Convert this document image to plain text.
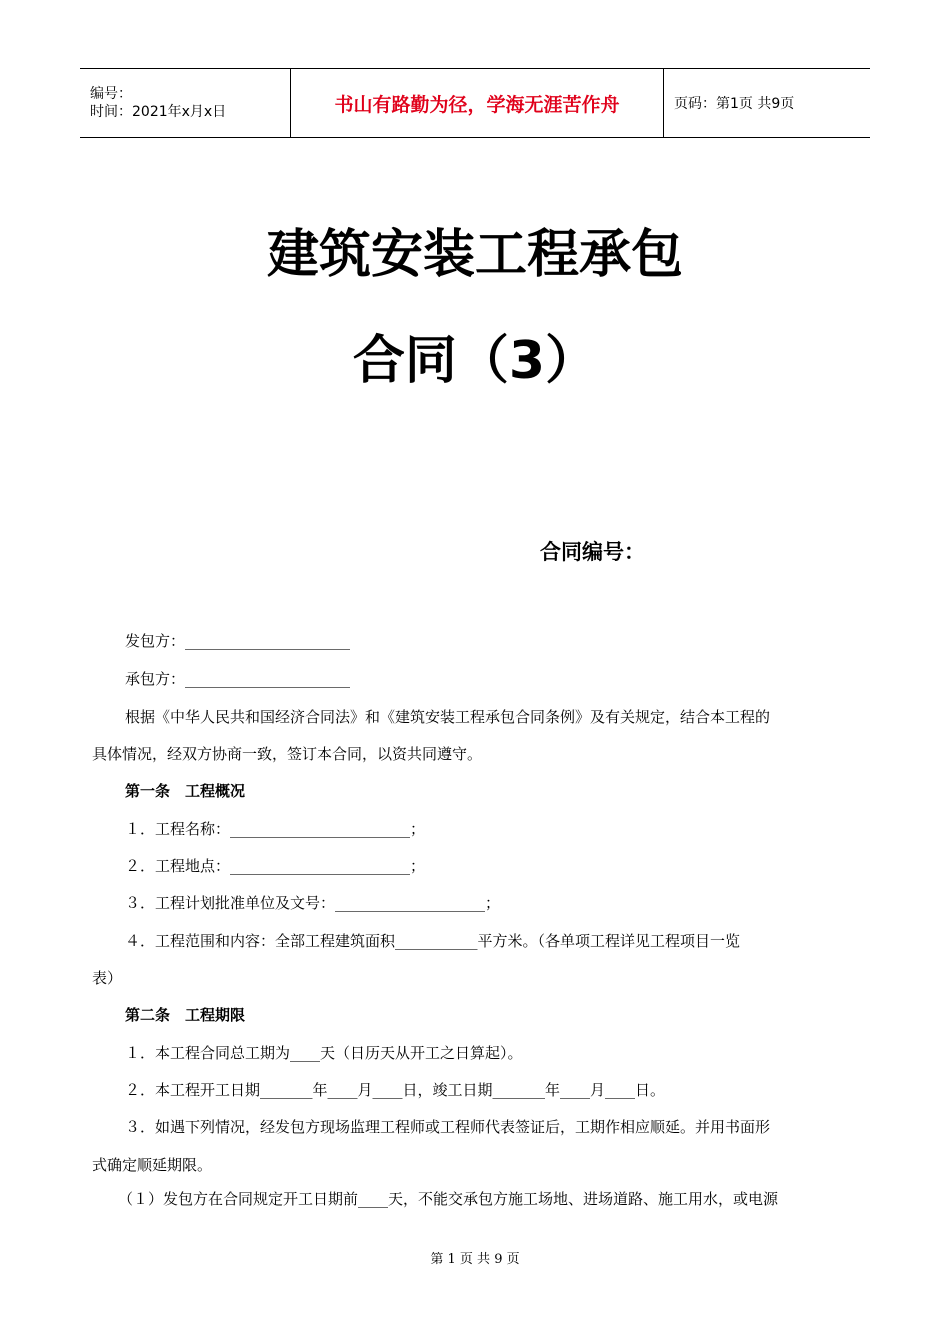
编号：
时间：2021年x月x日	书山有路勤为径，学海无涯苦作舟	页码：第1页 共9页
建筑安装工程承包
合同（3）
合同编号：
发包方：______________________
承包方：______________________
根据《中华人民共和国经济合同法》和《建筑安装工程承包合同条例》及有关规定，结合本工程的
具体情况，经双方协商一致，签订本合同，以资共同遵守。
第一条　工程概况
１．工程名称：________________________；
２．工程地点：________________________；
３．工程计划批准单位及文号：____________________；
４．工程范围和内容：全部工程建筑面积___________平方米。（各单项工程详见工程项目一览
表）
第二条　工程期限
１．本工程合同总工期为____天（日历天从开工之日算起）。
２．本工程开工日期_______年____月____日，竣工日期_______年____月____日。
３．如遇下列情况，经发包方现场监理工程师或工程师代表签证后，工期作相应顺延。并用书面形
式确定顺延期限。
（１）发包方在合同规定开工日期前____天，不能交承包方施工场地、进场道路、施工用水，或电源
第 1 页 共 9 页
